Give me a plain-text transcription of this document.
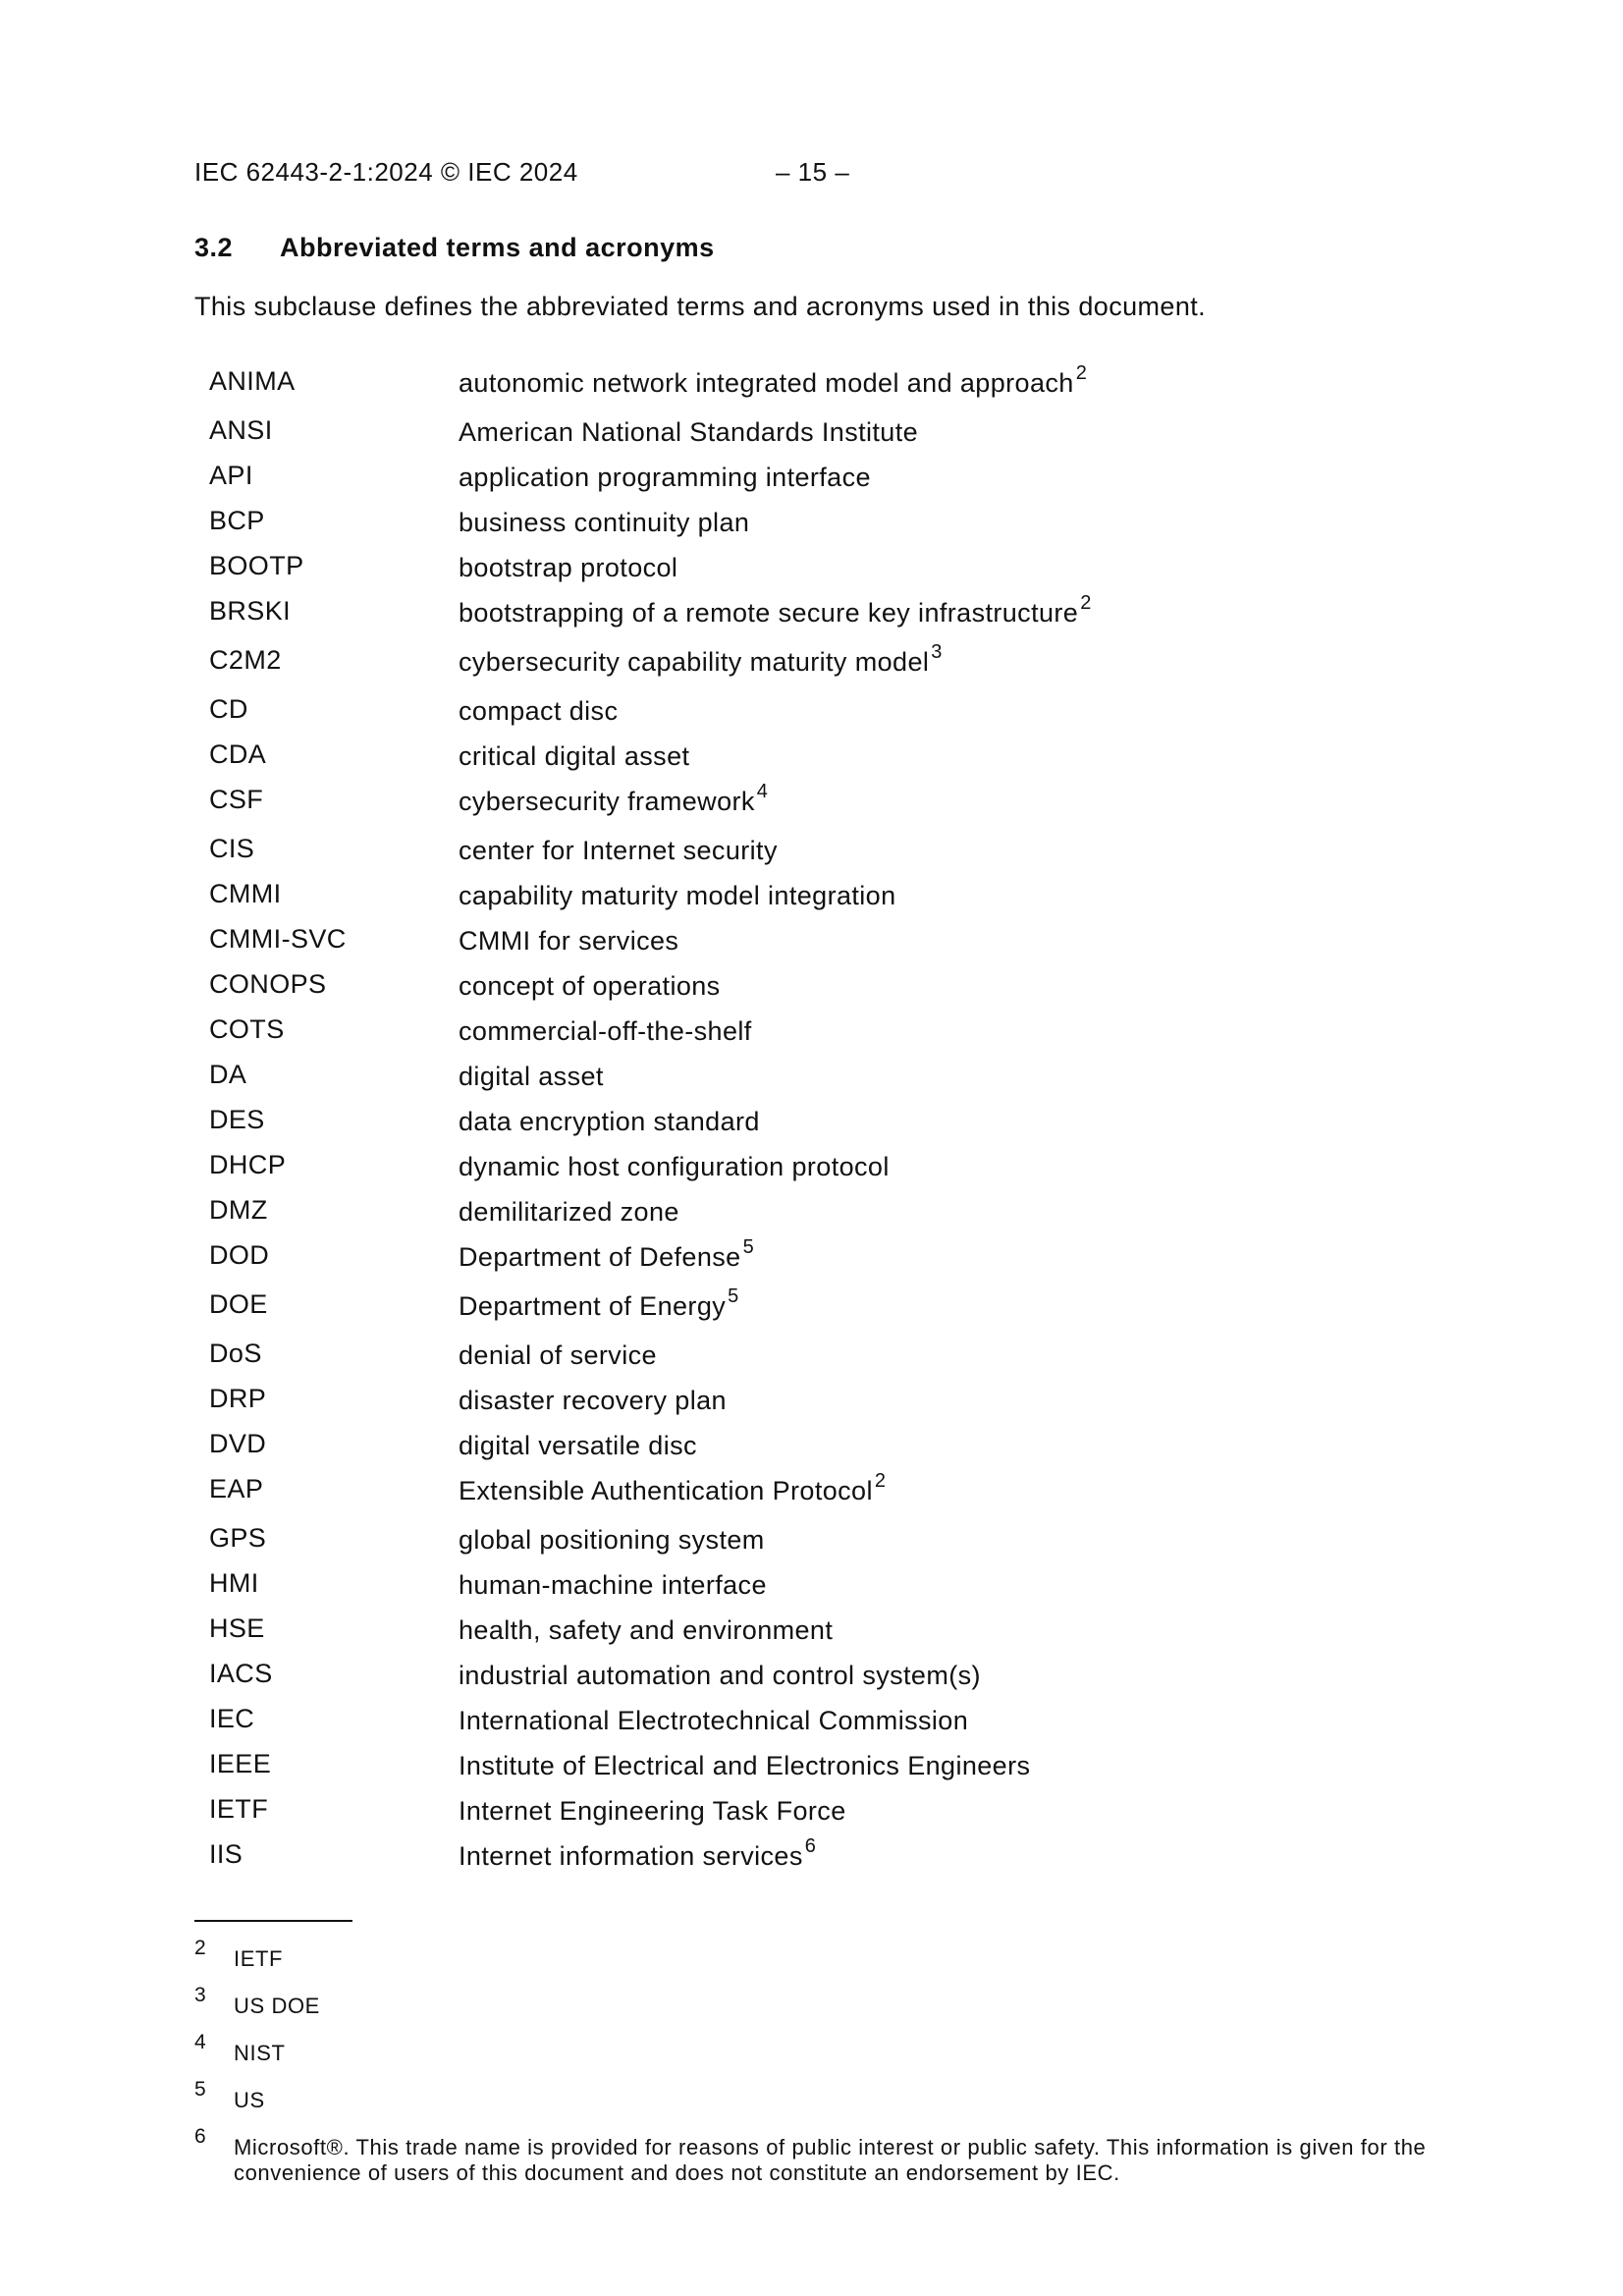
IEC 62443-2-1:2024 © IEC 2024	– 15 –
3.2 Abbreviated terms and acronyms
This subclause defines the abbreviated terms and acronyms used in this document.
ANIMA	autonomic network integrated model and approach $^2$
ANSI	American National Standards Institute
API	application programming interface
BCP	business continuity plan
BOOTP	bootstrap protocol
BRSKI	bootstrapping of a remote secure key infrastructure $^2$
C2M2	cybersecurity capability maturity model $^3$
CD	compact disc
CDA	critical digital asset
CSF	cybersecurity framework $^4$
CIS	center for Internet security
CMMI	capability maturity model integration
CMMI-SVC	CMMI for services
CONOPS	concept of operations
COTS	commercial-off-the-shelf
DA	digital asset
DES	data encryption standard
DHCP	dynamic host configuration protocol
DMZ	demilitarized zone
DOD	Department of Defense $^5$
DOE	Department of Energy $^5$
DoS	denial of service
DRP	disaster recovery plan
DVD	digital versatile disc
EAP	Extensible Authentication Protocol $^2$
GPS	global positioning system
HMI	human-machine interface
HSE	health, safety and environment
IACS	industrial automation and control system(s)
IEC	International Electrotechnical Commission
IEEE	Institute of Electrical and Electronics Engineers
IETF	Internet Engineering Task Force
IIS	Internet information services $^6$
2 IETF
3 US DOE
4 NIST
5 US
6 Microsoft®. This trade name is provided for reasons of public interest or public safety. This information is given for the convenience of users of this document and does not constitute an endorsement by IEC.
